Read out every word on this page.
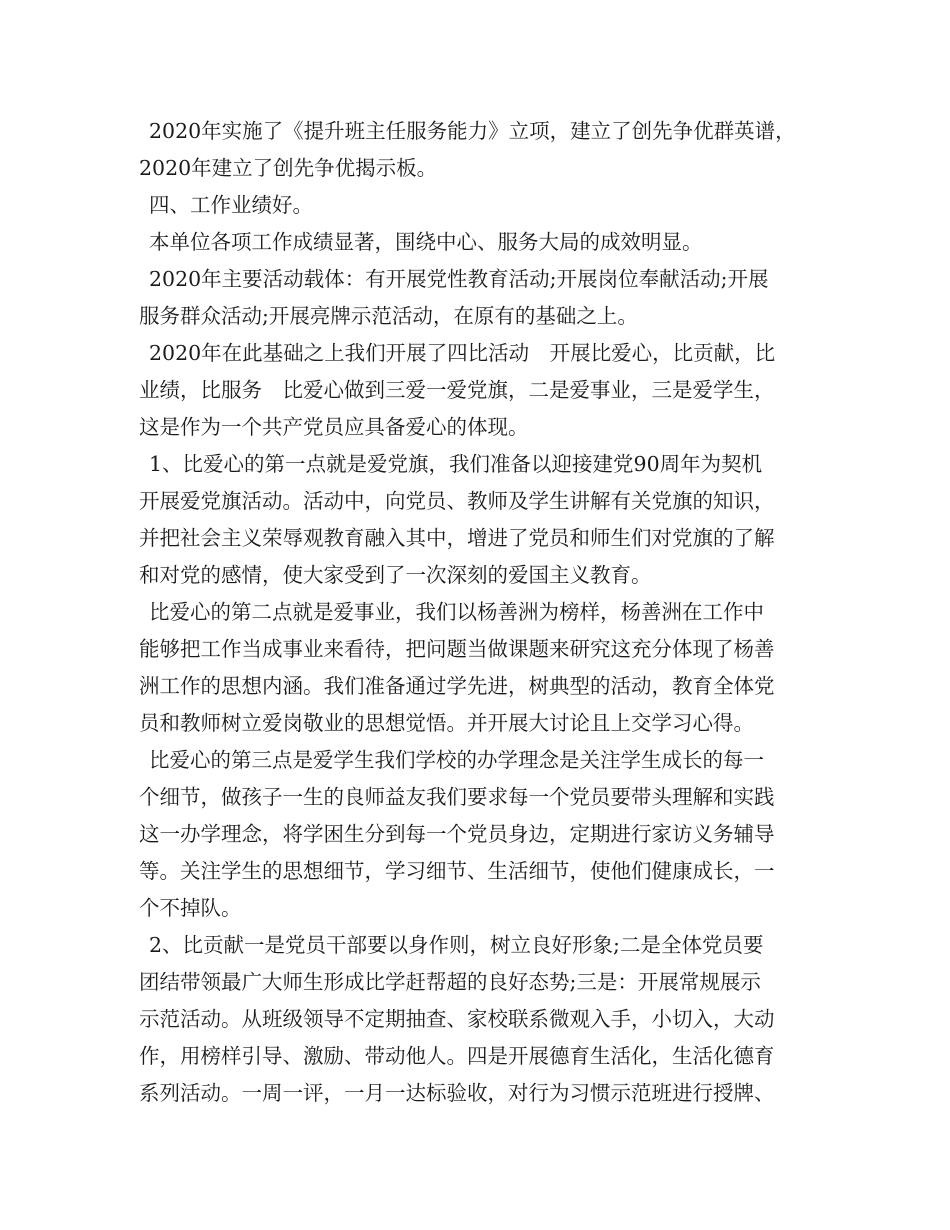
2020年实施了《提升班主任服务能力》立项，建立了创先争优群英谱，
2020年建立了创先争优揭示板。
四、工作业绩好。
本单位各项工作成绩显著，围绕中心、服务大局的成效明显。
2020年主要活动载体：有开展党性教育活动;开展岗位奉献活动;开展
服务群众活动;开展亮牌示范活动，在原有的基础之上。
2020年在此基础之上我们开展了四比活动　开展比爱心，比贡献，比
业绩，比服务　比爱心做到三爱一爱党旗，二是爱事业，三是爱学生，
这是作为一个共产党员应具备爱心的体现。
1、比爱心的第一点就是爱党旗，我们准备以迎接建党90周年为契机
开展爱党旗活动。活动中，向党员、教师及学生讲解有关党旗的知识，
并把社会主义荣辱观教育融入其中，增进了党员和师生们对党旗的了解
和对党的感情，使大家受到了一次深刻的爱国主义教育。
比爱心的第二点就是爱事业，我们以杨善洲为榜样，杨善洲在工作中
能够把工作当成事业来看待，把问题当做课题来研究这充分体现了杨善
洲工作的思想内涵。我们准备通过学先进，树典型的活动，教育全体党
员和教师树立爱岗敬业的思想觉悟。并开展大讨论且上交学习心得。
比爱心的第三点是爱学生我们学校的办学理念是关注学生成长的每一
个细节，做孩子一生的良师益友我们要求每一个党员要带头理解和实践
这一办学理念，将学困生分到每一个党员身边，定期进行家访义务辅导
等。关注学生的思想细节，学习细节、生活细节，使他们健康成长，一
个不掉队。
2、比贡献一是党员干部要以身作则，树立良好形象;二是全体党员要
团结带领最广大师生形成比学赶帮超的良好态势;三是：开展常规展示
示范活动。从班级领导不定期抽查、家校联系微观入手，小切入，大动
作，用榜样引导、激励、带动他人。四是开展德育生活化，生活化德育
系列活动。一周一评，一月一达标验收，对行为习惯示范班进行授牌、
